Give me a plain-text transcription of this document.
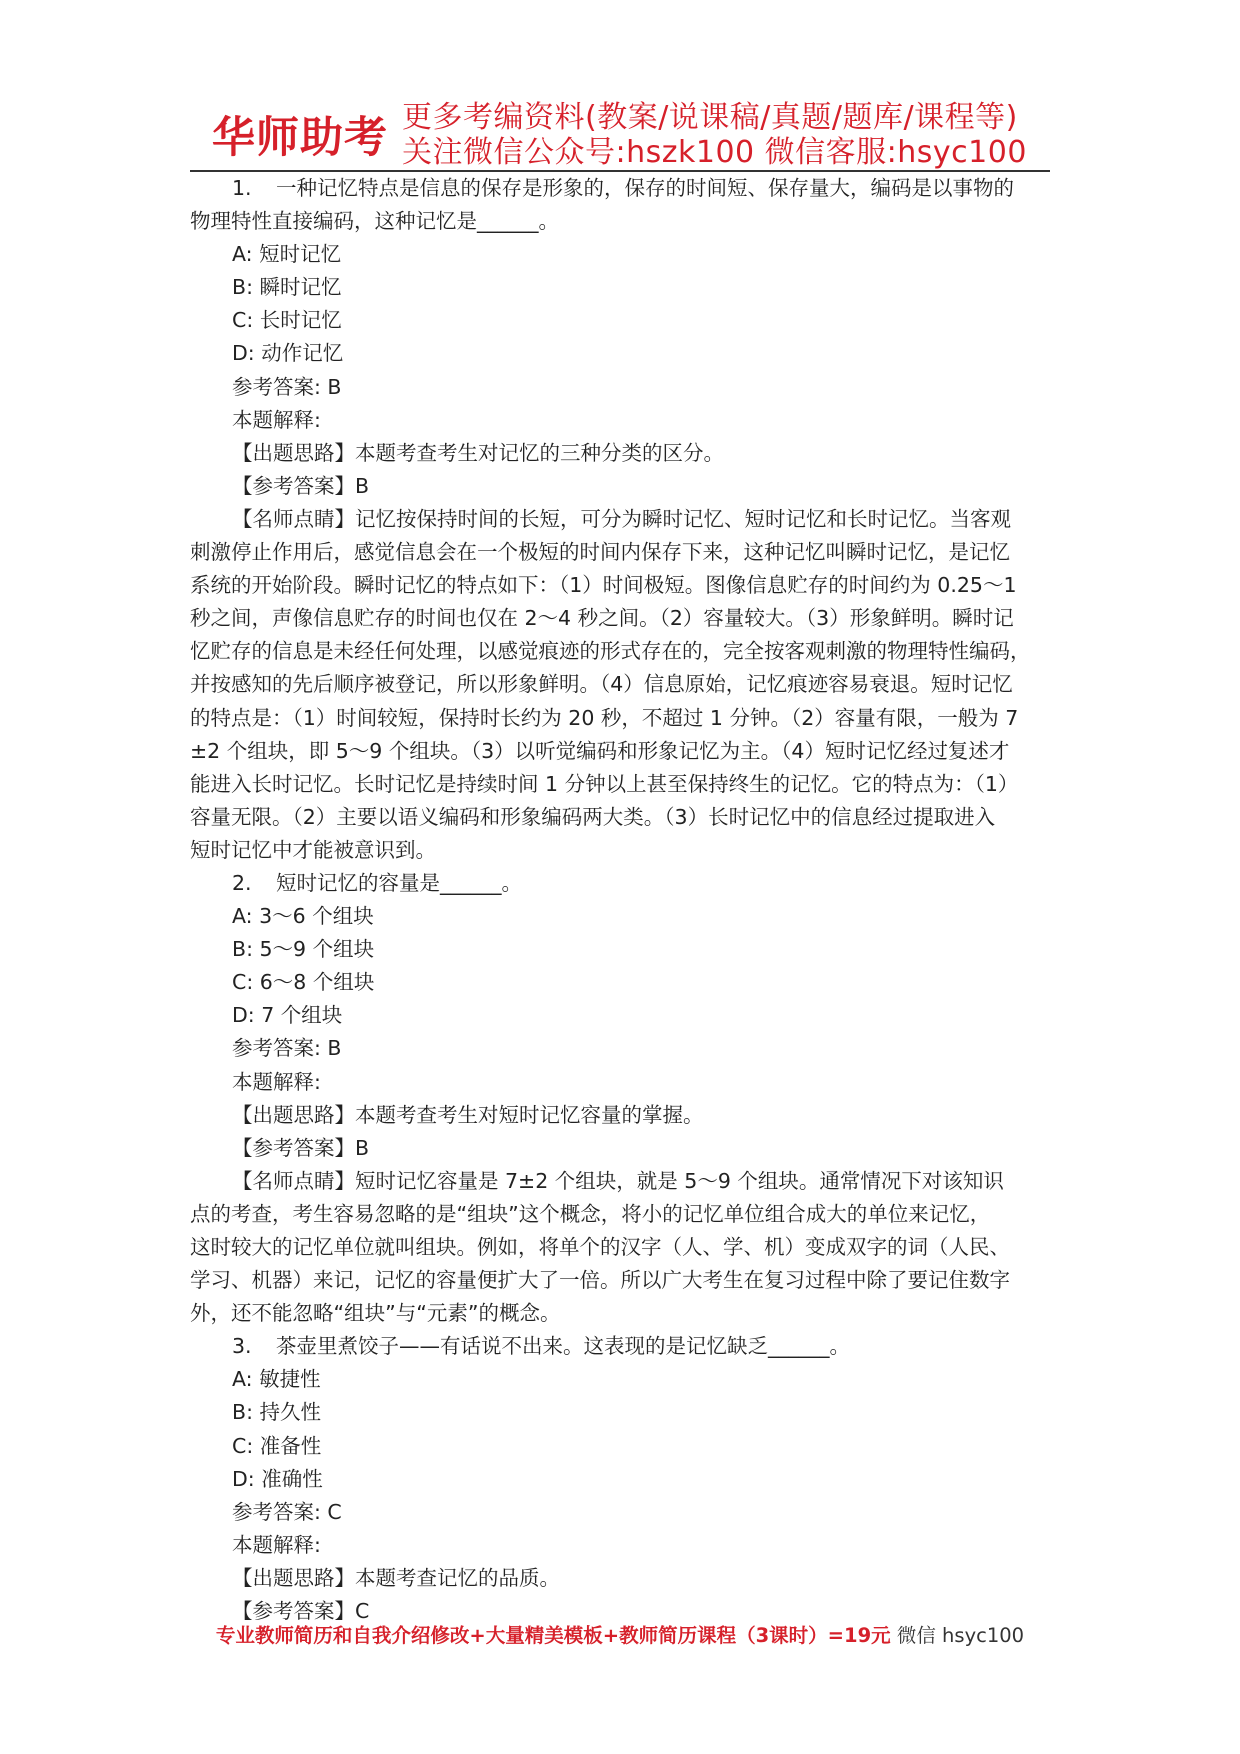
华师助考 更多考编资料(教案/说课稿/真题/题库/课程等)
关注微信公众号:hszk100 微信客服:hsyc100

1. 一种记忆特点是信息的保存是形象的，保存的时间短、保存量大，编码是以事物的

物理特性直接编码，这种记忆是______。

A: 短时记忆

B: 瞬时记忆

C: 长时记忆

D: 动作记忆

参考答案: B

本题解释:

【出题思路】本题考查考生对记忆的三种分类的区分。

【参考答案】B

【名师点睛】记忆按保持时间的长短，可分为瞬时记忆、短时记忆和长时记忆。当客观

刺激停止作用后，感觉信息会在一个极短的时间内保存下来，这种记忆叫瞬时记忆，是记忆

系统的开始阶段。瞬时记忆的特点如下：（1）时间极短。图像信息贮存的时间约为 0.25～1

秒之间，声像信息贮存的时间也仅在 2～4 秒之间。（2）容量较大。（3）形象鲜明。瞬时记

忆贮存的信息是未经任何处理，以感觉痕迹的形式存在的，完全按客观刺激的物理特性编码，

并按感知的先后顺序被登记，所以形象鲜明。（4）信息原始，记忆痕迹容易衰退。短时记忆

的特点是：（1）时间较短，保持时长约为 20 秒，不超过 1 分钟。（2）容量有限，一般为 7

±2 个组块，即 5～9 个组块。（3）以听觉编码和形象记忆为主。（4）短时记忆经过复述才

能进入长时记忆。长时记忆是持续时间 1 分钟以上甚至保持终生的记忆。它的特点为：（1）

容量无限。（2）主要以语义编码和形象编码两大类。（3）长时记忆中的信息经过提取进入

短时记忆中才能被意识到。

2. 短时记忆的容量是______。

A: 3～6 个组块

B: 5～9 个组块

C: 6～8 个组块

D: 7 个组块

参考答案: B

本题解释:

【出题思路】本题考查考生对短时记忆容量的掌握。

【参考答案】B

【名师点睛】短时记忆容量是 7±2 个组块，就是 5～9 个组块。通常情况下对该知识

点的考查，考生容易忽略的是“组块”这个概念，将小的记忆单位组合成大的单位来记忆，

这时较大的记忆单位就叫组块。例如，将单个的汉字（人、学、机）变成双字的词（人民、

学习、机器）来记，记忆的容量便扩大了一倍。所以广大考生在复习过程中除了要记住数字

外，还不能忽略“组块”与“元素”的概念。

3. 茶壶里煮饺子——有话说不出来。这表现的是记忆缺乏______。

A: 敏捷性

B: 持久性

C: 准备性

D: 准确性

参考答案: C

本题解释:

【出题思路】本题考查记忆的品质。

【参考答案】C

专业教师简历和自我介绍修改+大量精美模板+教师简历课程（3课时）=19元 微信 hsyc100
